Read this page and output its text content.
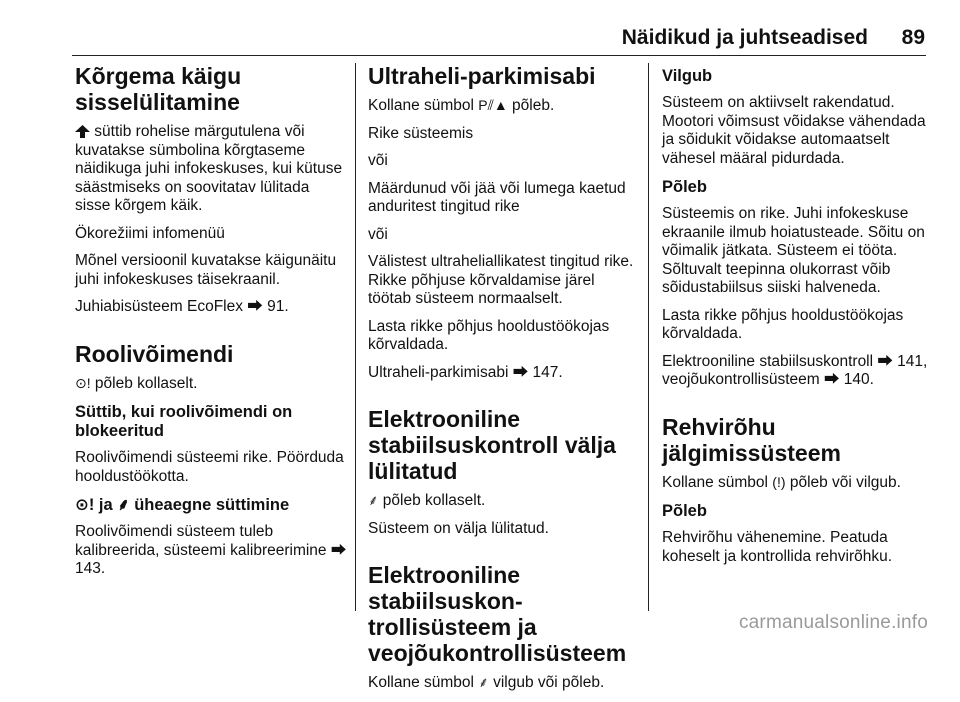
Näidikud ja juhtseadised 89
Kõrgema käigu sisselülitamine
süttib rohelise märgutulena või kuvatakse sümbolina kõrgtaseme näidikuga juhi infokeskuses, kui kütuse säästmiseks on soovitatav lülitada sisse kõrgem käik.
Ökorežiimi infomenüü
Mõnel versioonil kuvatakse käigunäitu juhi infokeskuses täisekraanil.
Juhiabisüsteem EcoFlex ⮕ 91.
Roolivõimendi
⊙! põleb kollaselt.
Süttib, kui roolivõimendi on blokeeritud
Roolivõimendi süsteemi rike. Pöörduda hooldustöökotta.
⊙! ja ⸙ üheaegne süttimine
Roolivõimendi süsteem tuleb kalibreerida, süsteemi kalibreerimine ⮕ 143.
Ultraheli-parkimisabi
Kollane sümbol P⫽▲ põleb.
Rike süsteemis
või
Määrdunud või jää või lumega kaetud anduritest tingitud rike
või
Välistest ultraheliallikatest tingitud rike. Rikke põhjuse kõrvaldamise järel töötab süsteem normaalselt.
Lasta rikke põhjus hooldustöökojas kõrvaldada.
Ultraheli-parkimisabi ⮕ 147.
Elektrooniline stabiilsuskontroll välja lülitatud
⸙ põleb kollaselt.
Süsteem on välja lülitatud.
Elektrooniline stabiilsuskontrollisüsteem ja veojõukontrollisüsteem
Kollane sümbol ⸙ vilgub või põleb.
Vilgub
Süsteem on aktiivselt rakendatud. Mootori võimsust võidakse vähendada ja sõidukit võidakse automaatselt vähesel määral pidurdada.
Põleb
Süsteemis on rike. Juhi infokeskuse ekraanile ilmub hoiatusteade. Sõitu on võimalik jätkata. Süsteem ei tööta. Sõltuvalt teepinna olukorrast võib sõidustabiilsus siiski halveneda.
Lasta rikke põhjus hooldustöökojas kõrvaldada.
Elektrooniline stabiilsuskontroll ⮕ 141, veojõukontrollisüsteem ⮕ 140.
Rehvirõhu jälgimissüsteem
Kollane sümbol (!) põleb või vilgub.
Põleb
Rehvirõhu vähenemine. Peatuda koheselt ja kontrollida rehvirõhku.
carmanualsonline.info
